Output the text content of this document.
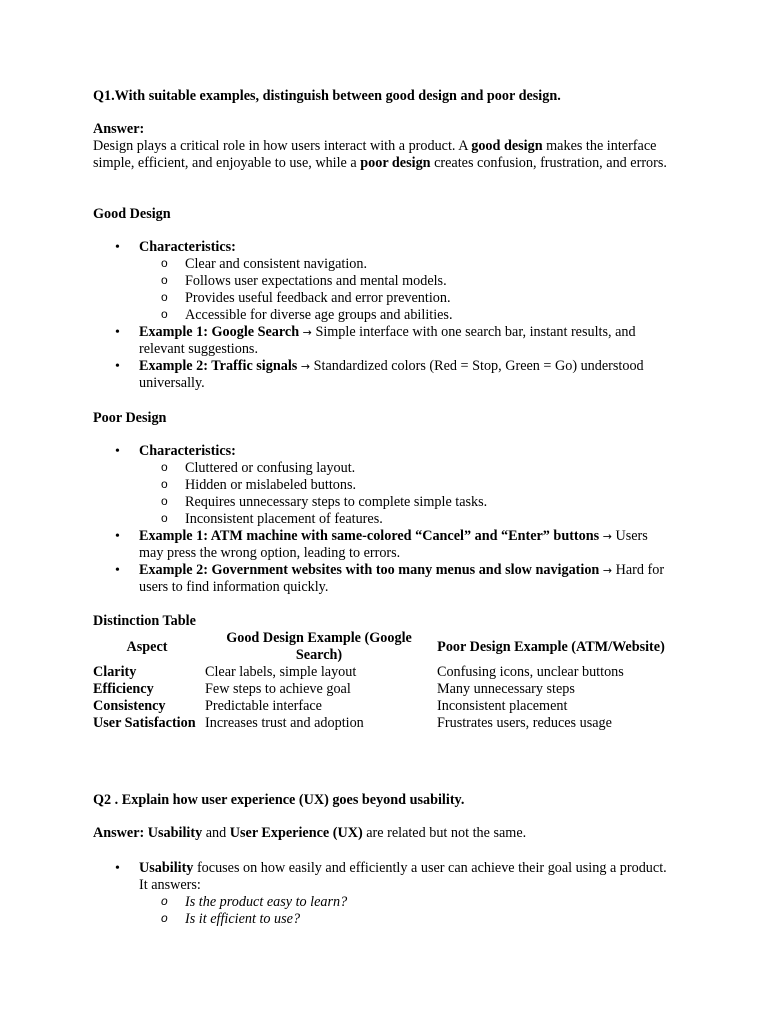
Q1.With suitable examples, distinguish between good design and poor design.

Answer:

Design plays a critical role in how users interact with a product. A good design makes the interface simple, efficient, and enjoyable to use, while a poor design creates confusion, frustration, and errors.

Good Design

• Characteristics:
o Clear and consistent navigation.
o Follows user expectations and mental models.
o Provides useful feedback and error prevention.
o Accessible for diverse age groups and abilities.
• Example 1: Google Search → Simple interface with one search bar, instant results, and relevant suggestions.
• Example 2: Traffic signals → Standardized colors (Red = Stop, Green = Go) understood universally.

Poor Design

• Characteristics:
o Cluttered or confusing layout.
o Hidden or mislabeled buttons.
o Requires unnecessary steps to complete simple tasks.
o Inconsistent placement of features.
• Example 1: ATM machine with same-colored “Cancel” and “Enter” buttons → Users may press the wrong option, leading to errors.
• Example 2: Government websites with too many menus and slow navigation → Hard for users to find information quickly.

Distinction Table

Aspect	Good Design Example (Google Search)	Poor Design Example (ATM/Website)
Clarity	Clear labels, simple layout	Confusing icons, unclear buttons
Efficiency	Few steps to achieve goal	Many unnecessary steps
Consistency	Predictable interface	Inconsistent placement
User Satisfaction	Increases trust and adoption	Frustrates users, reduces usage

Q2 . Explain how user experience (UX) goes beyond usability.

Answer: Usability and User Experience (UX) are related but not the same.

• Usability focuses on how easily and efficiently a user can achieve their goal using a product. It answers:
o Is the product easy to learn?
o Is it efficient to use?
